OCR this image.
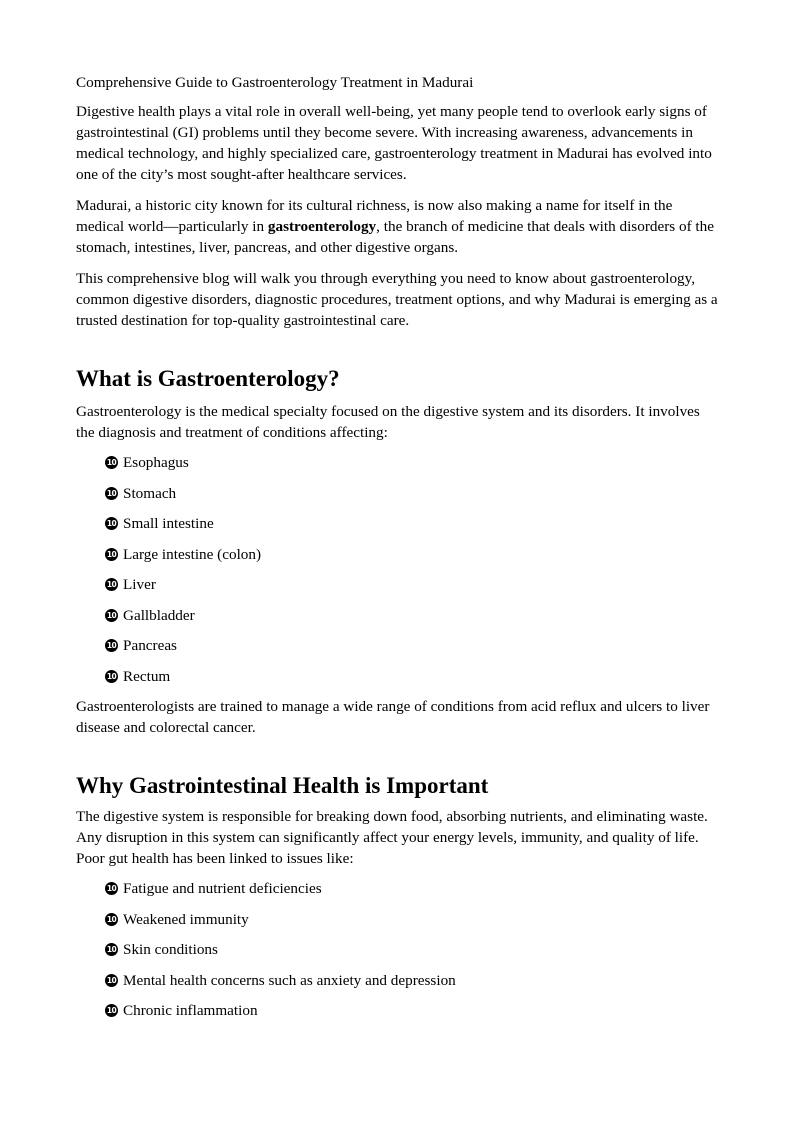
Comprehensive Guide to Gastroenterology Treatment in Madurai

Digestive health plays a vital role in overall well-being, yet many people tend to overlook early signs of gastrointestinal (GI) problems until they become severe. With increasing awareness, advancements in medical technology, and highly specialized care, gastroenterology treatment in Madurai has evolved into one of the city’s most sought-after healthcare services.

Madurai, a historic city known for its cultural richness, is now also making a name for itself in the medical world—particularly in gastroenterology, the branch of medicine that deals with disorders of the stomach, intestines, liver, pancreas, and other digestive organs.

This comprehensive blog will walk you through everything you need to know about gastroenterology, common digestive disorders, diagnostic procedures, treatment options, and why Madurai is emerging as a trusted destination for top-quality gastrointestinal care.

What is Gastroenterology?

Gastroenterology is the medical specialty focused on the digestive system and its disorders. It involves the diagnosis and treatment of conditions affecting:

10 Esophagus
10 Stomach
10 Small intestine
10 Large intestine (colon)
10 Liver
10 Gallbladder
10 Pancreas
10 Rectum

Gastroenterologists are trained to manage a wide range of conditions from acid reflux and ulcers to liver disease and colorectal cancer.

Why Gastrointestinal Health is Important

The digestive system is responsible for breaking down food, absorbing nutrients, and eliminating waste. Any disruption in this system can significantly affect your energy levels, immunity, and quality of life. Poor gut health has been linked to issues like:

10 Fatigue and nutrient deficiencies
10 Weakened immunity
10 Skin conditions
10 Mental health concerns such as anxiety and depression
10 Chronic inflammation
